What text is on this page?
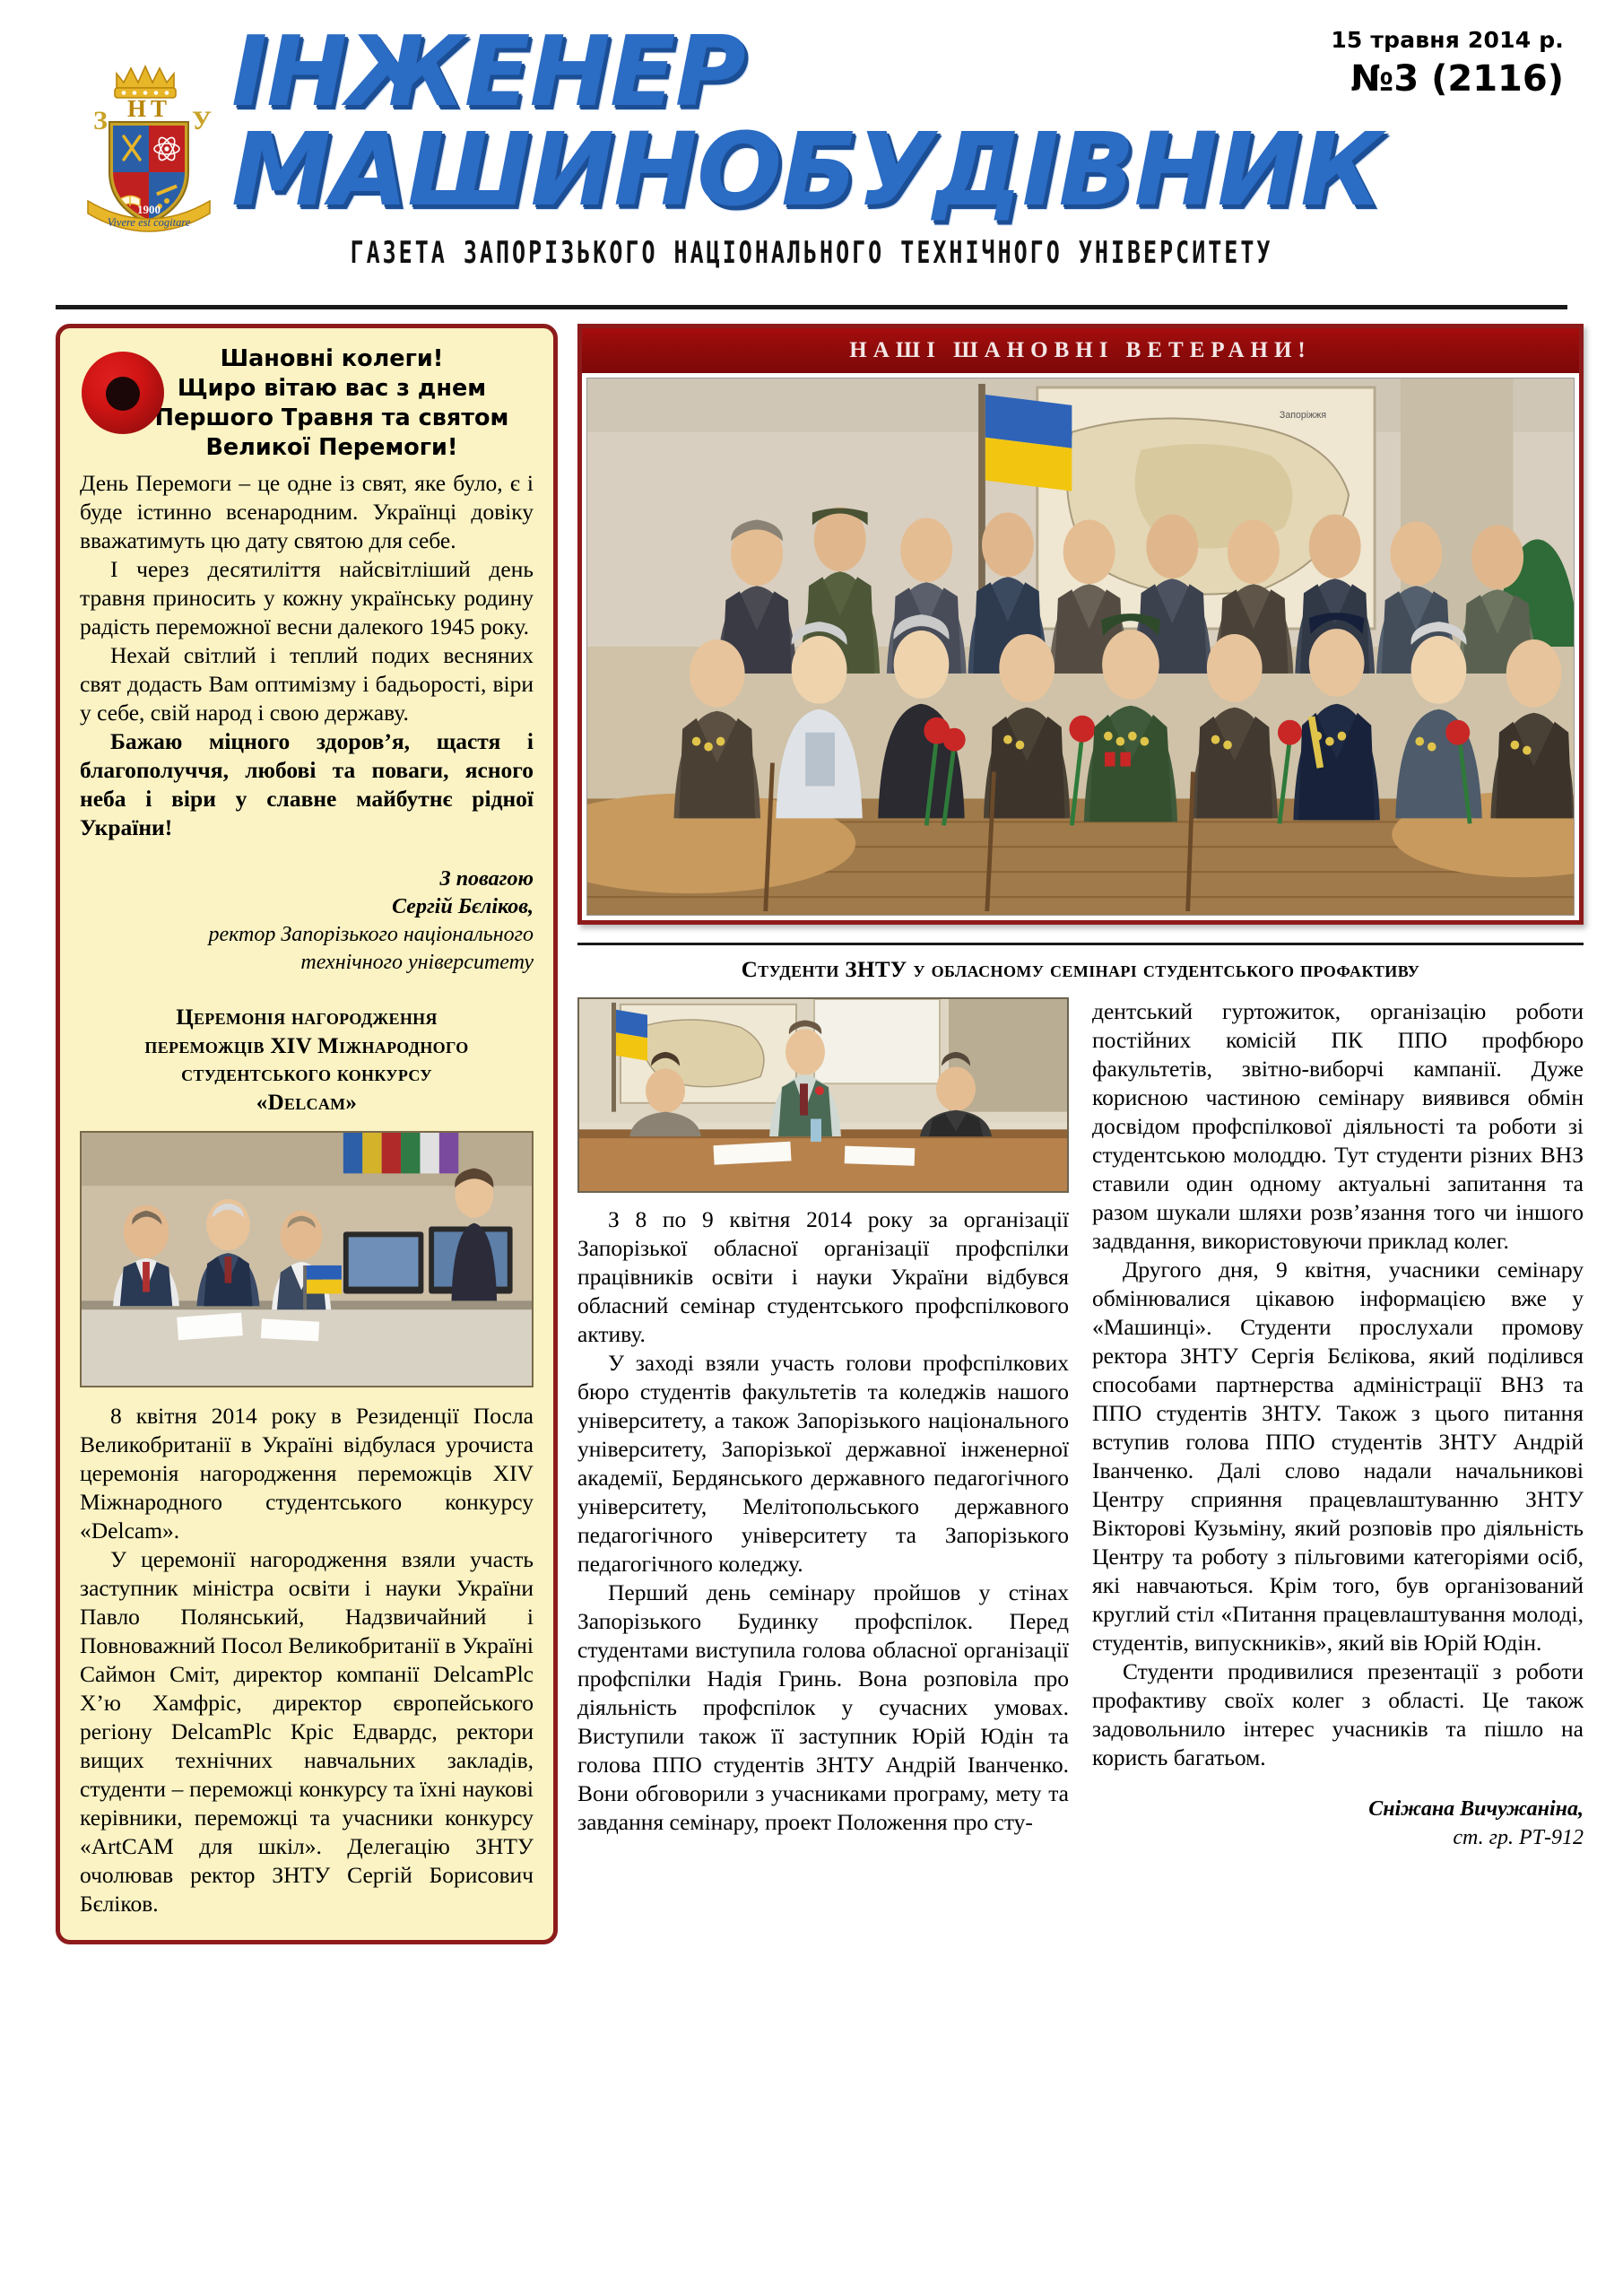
З	У
Н Т
1900
Vivere est cogitare
ІНЖЕНЕР
МАШИНОБУДІВНИК
15 травня 2014 р.
№3 (2116)
ГАЗЕТА ЗАПОРІЗЬКОГО НАЦІОНАЛЬНОГО ТЕХНІЧНОГО УНІВЕРСИТЕТУ
Шановні колеги!
Щиро вітаю вас з днем
Першого Травня та святом
Великої Перемоги!

День Перемоги – це одне із свят, яке було, є і буде істинно всенародним. Українці довіку вважатимуть цю дату святою для себе.

І через десятиліття найсвітліший день травня приносить у кожну українську родину радість переможної весни далекого 1945 року.

Нехай світлий і теплий подих весняних свят додасть Вам оптимізму і бадьорості, віри у себе, свій народ і свою державу.

Бажаю міцного здоров’я, щастя і благополуччя, любові та поваги, ясного неба і віри у славне майбутнє рідної України!

З повагою
Сергій Бєліков,
ректор Запорізького національного
технічного університету
Церемонія нагородження
переможців XIV Міжнародного
студентського конкурсу
«Delcam»

8 квітня 2014 року в Резиденції Посла Великобританії в Україні відбулася урочиста церемонія нагородження переможців XIV Міжнародного студентського конкурсу «Delcam».

У церемонії нагородження взяли участь заступник міністра освіти і науки України Павло Полянський, Надзвичайний і Повноважний Посол Великобританії в Україні Саймон Сміт, директор компанії DelcamPlc Х’ю Хамфріс, директор європейського регіону DelcamPlc Кріс Едвардс, ректори вищих технічних навчальних закладів, студенти – переможці конкурсу та їхні наукові керівники, переможці та учасники конкурсу «ArtCAM для шкіл». Делегацію ЗНТУ очолював ректор ЗНТУ Сергій Борисович Бєліков.

НАШІ ШАНОВНІ ВЕТЕРАНИ!
Запоріжжя
Студенти ЗНТУ у обласному семінарі студентського профактиву

З 8 по 9 квітня 2014 року за організації Запорізької обласної організації профспілки працівників освіти і науки України відбувся обласний семінар студентського профспілкового активу.

У заході взяли участь голови профспілкових бюро студентів факультетів та коледжів нашого університету, а також Запорізького національного університету, Запорізької державної інженерної академії, Бердянського державного педагогічного університету, Мелітопольського державного педагогічного університету та Запорізького педагогічного коледжу.

Перший день семінару пройшов у стінах Запорізького Будинку профспілок. Перед студентами виступила голова обласної організації профспілки Надія Гринь. Вона розповіла про діяльність профспілок у сучасних умовах. Виступили також її заступник Юрій Юдін та голова ППО студентів ЗНТУ Андрій Іванченко. Вони обговорили з учасниками програму, мету та завдання семінару, проект Положення про сту-

дентський гуртожиток, організацію роботи постійних комісій ПК ППО профбюро факультетів, звітно-виборчі кампанії. Дуже корисною частиною семінару виявився обмін досвідом профспілкової діяльності та роботи зі студентською молоддю. Тут студенти різних ВНЗ ставили один одному актуальні запитання та разом шукали шляхи розв’язання того чи іншого задвдання, використовуючи приклад колег.

Другого дня, 9 квітня, учасники семінару обмінювалися цікавою інформацією вже у «Машинці». Студенти прослухали промову ректора ЗНТУ Сергія Бєлікова, який поділився способами партнерства адміністрації ВНЗ та ППО студентів ЗНТУ. Також з цього питання вступив голова ППО студентів ЗНТУ Андрій Іванченко. Далі слово надали начальникові Центру сприяння працевлаштуванню ЗНТУ Вікторові Кузьміну, який розповів про діяльність Центру та роботу з пільговими категоріями осіб, які навчаються. Крім того, був організований круглий стіл «Питання працевлаштування молоді, студентів, випускників», який вів Юрій Юдін.

Студенти продивилися презентації з роботи профактиву своїх колег з області. Це також задовольнило інтерес учасників та пішло на користь багатьом.

Сніжана Вичужаніна,
ст. гр. РТ-912
